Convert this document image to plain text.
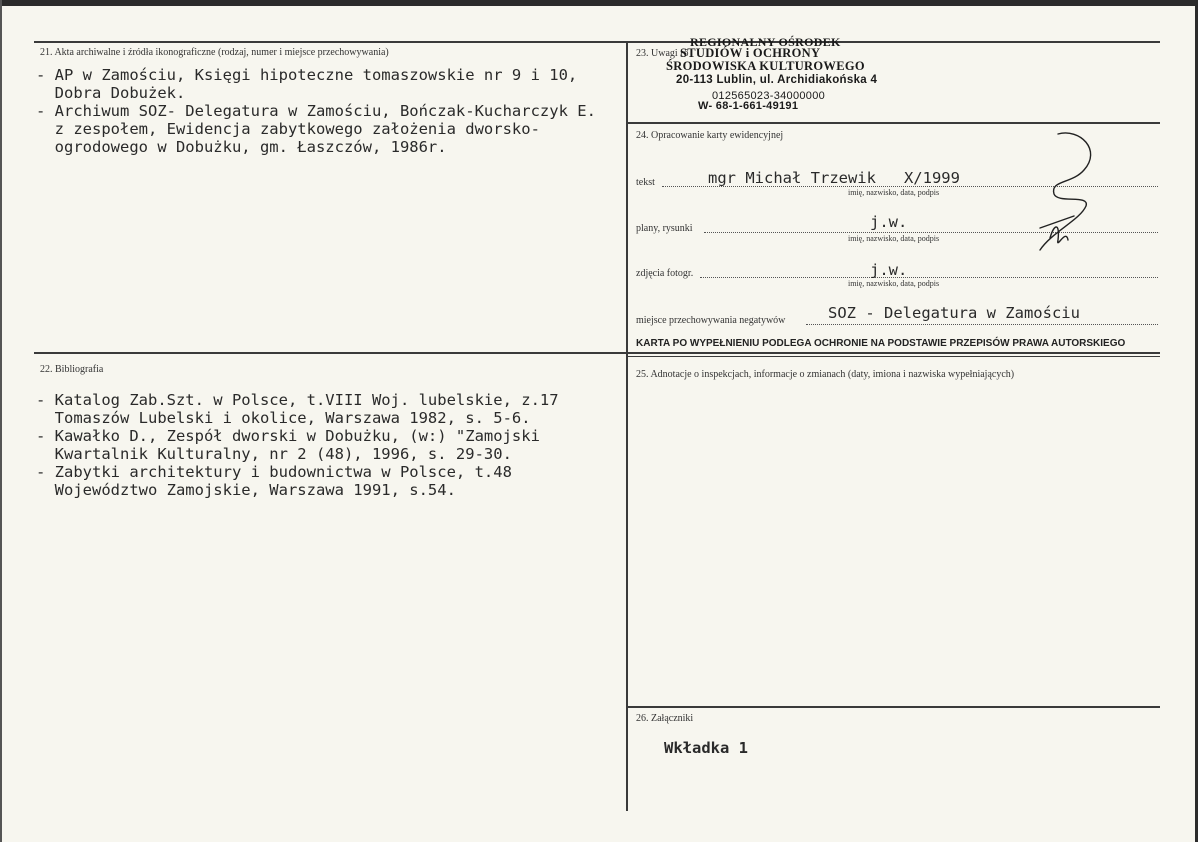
21. Akta archiwalne i źródła ikonograficzne (rodzaj, numer i miejsce przechowywania)
- AP w Zamościu, Księgi hipoteczne tomaszowskie nr 9 i 10,
Dobra Dobużek.
- Archiwum SOZ- Delegatura w Zamościu, Bończak-Kucharczyk E.
z zespołem, Ewidencja zabytkowego założenia dworsko-
ogrodowego w Dobużku, gm. Łaszczów, 1986r.
22. Bibliografia
- Katalog Zab.Szt. w Polsce, t.VIII Woj. lubelskie, z.17
Tomaszów Lubelski i okolice, Warszawa 1982, s. 5-6.
- Kawałko D., Zespół dworski w Dobużku, (w:) "Zamojski
Kwartalnik Kulturalny, nr 2 (48), 1996, s. 29-30.
- Zabytki architektury i budownictwa w Polsce, t.48
Województwo Zamojskie, Warszawa 1991, s.54.
23. Uwagi ró
REGIONALNY OŚRODEK
STUDIÓW i OCHRONY
ŚRODOWISKA KULTUROWEGO
20-113 Lublin, ul. Archidiakońska 4
012565023-34000000
W- 68-1-661-49191
24. Opracowanie karty ewidencyjnej
tekst	mgr Michał Trzewik   X/1999
imię, nazwisko, data, podpis
plany, rysunki	j.w.
imię, nazwisko, data, podpis
zdjęcia fotogr.	j.w.
imię, nazwisko, data, podpis
miejsce przechowywania negatywów	SOZ - Delegatura w Zamościu
KARTA PO WYPEŁNIENIU PODLEGA OCHRONIE NA PODSTAWIE PRZEPISÓW PRAWA AUTORSKIEGO
25. Adnotacje o inspekcjach, informacje o zmianach (daty, imiona i nazwiska wypełniających)
26. Załączniki
Wkładka 1
